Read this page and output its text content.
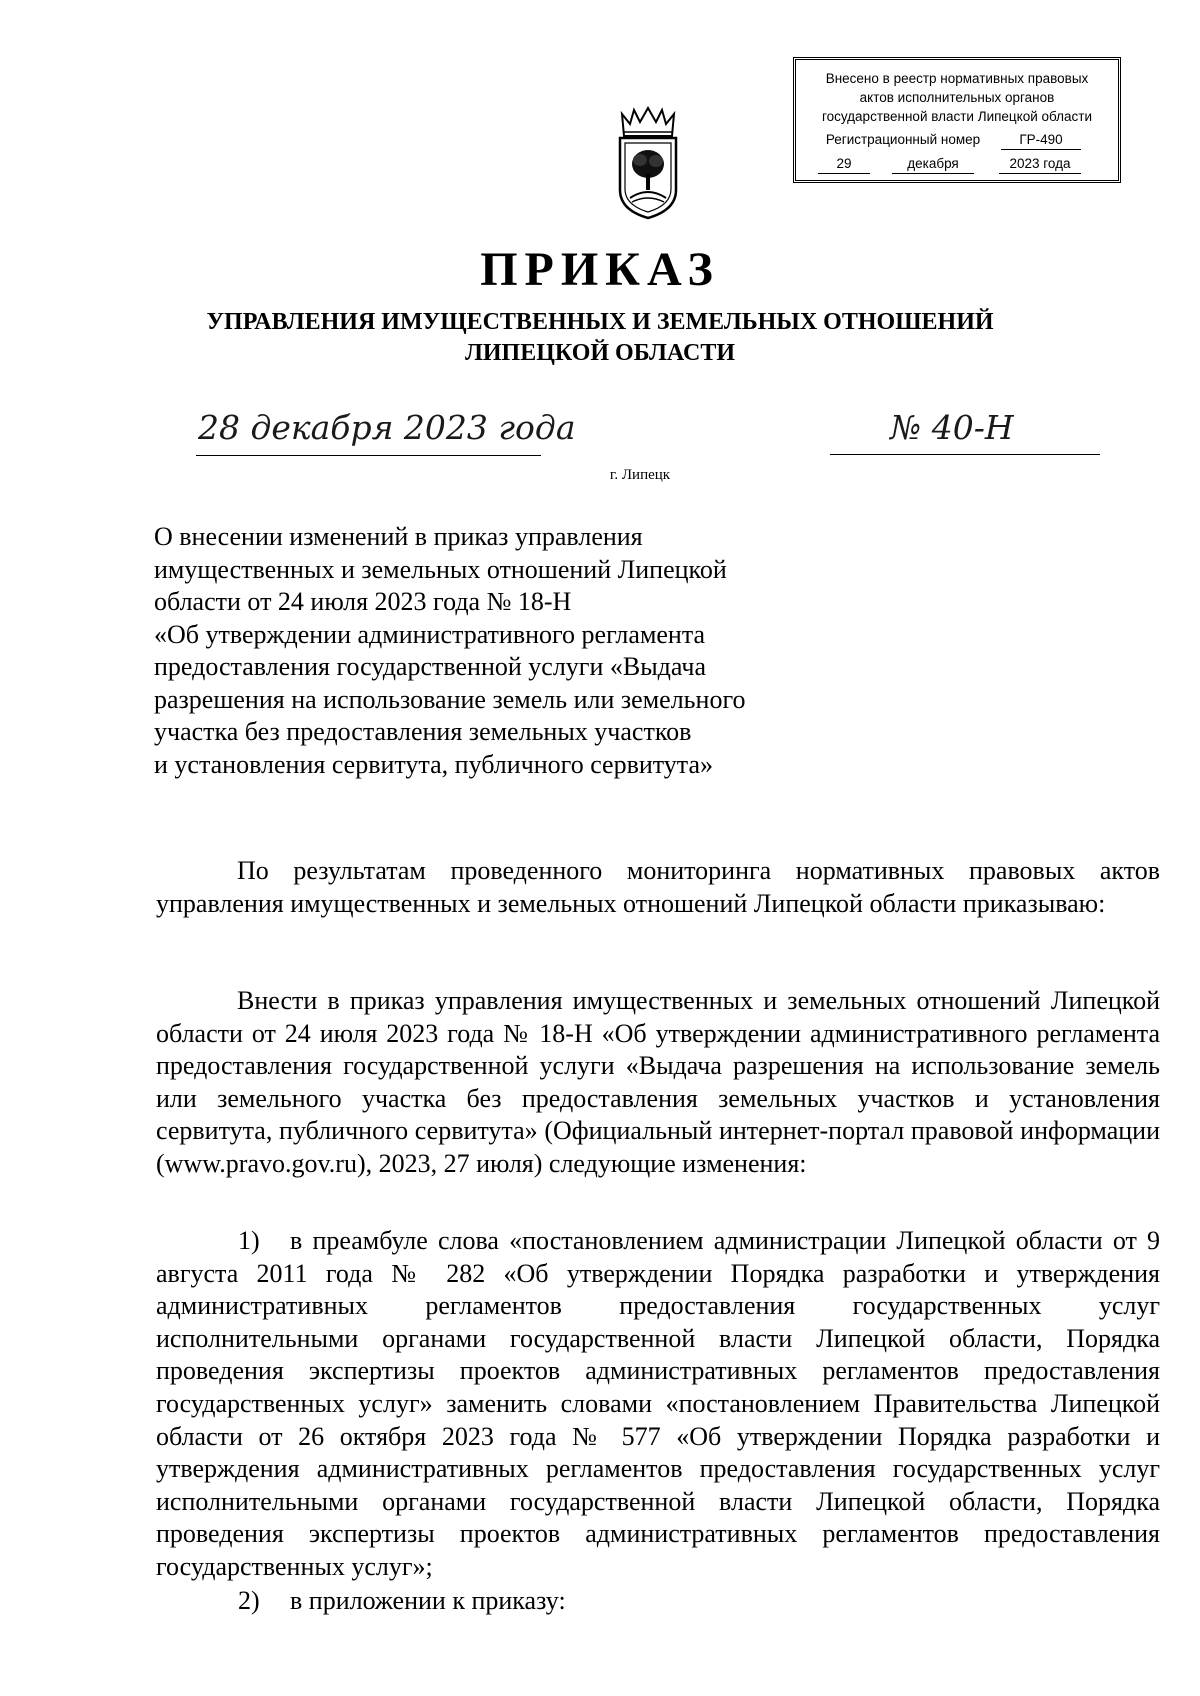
Внесено в реестр нормативных правовых
актов исполнительных органов
государственной власти Липецкой области
Регистрационный номер	ГР-490
29	декабря	2023 года
ПРИКАЗ
УПРАВЛЕНИЯ ИМУЩЕСТВЕННЫХ И ЗЕМЕЛЬНЫХ ОТНОШЕНИЙ
ЛИПЕЦКОЙ ОБЛАСТИ
28 декабря 2023 года	№ 40-Н
г. Липецк
О внесении изменений в приказ управления
имущественных и земельных отношений Липецкой
области от 24 июля 2023 года № 18-Н
«Об утверждении административного регламента
предоставления государственной услуги «Выдача
разрешения на использование земель или земельного
участка без предоставления земельных участков
и установления сервитута, публичного сервитута»
По результатам проведенного мониторинга нормативных правовых актов управления имущественных и земельных отношений Липецкой области приказываю:
Внести в приказ управления имущественных и земельных отношений Липецкой области от 24 июля 2023 года № 18-Н «Об утверждении административного регламента предоставления государственной услуги «Выдача разрешения на использование земель или земельного участка без предоставления земельных участков и установления сервитута, публичного сервитута» (Официальный интернет-портал правовой информации (www.pravo.gov.ru), 2023, 27 июля) следующие изменения:
1) в преамбуле слова «постановлением администрации Липецкой области от 9 августа 2011 года № 282 «Об утверждении Порядка разработки и утверждения административных регламентов предоставления государственных услуг исполнительными органами государственной власти Липецкой области, Порядка проведения экспертизы проектов административных регламентов предоставления государственных услуг» заменить словами «постановлением Правительства Липецкой области от 26 октября 2023 года № 577 «Об утверждении Порядка разработки и утверждения административных регламентов предоставления государственных услуг исполнительными органами государственной власти Липецкой области, Порядка проведения экспертизы проектов административных регламентов предоставления государственных услуг»;
2) в приложении к приказу:
